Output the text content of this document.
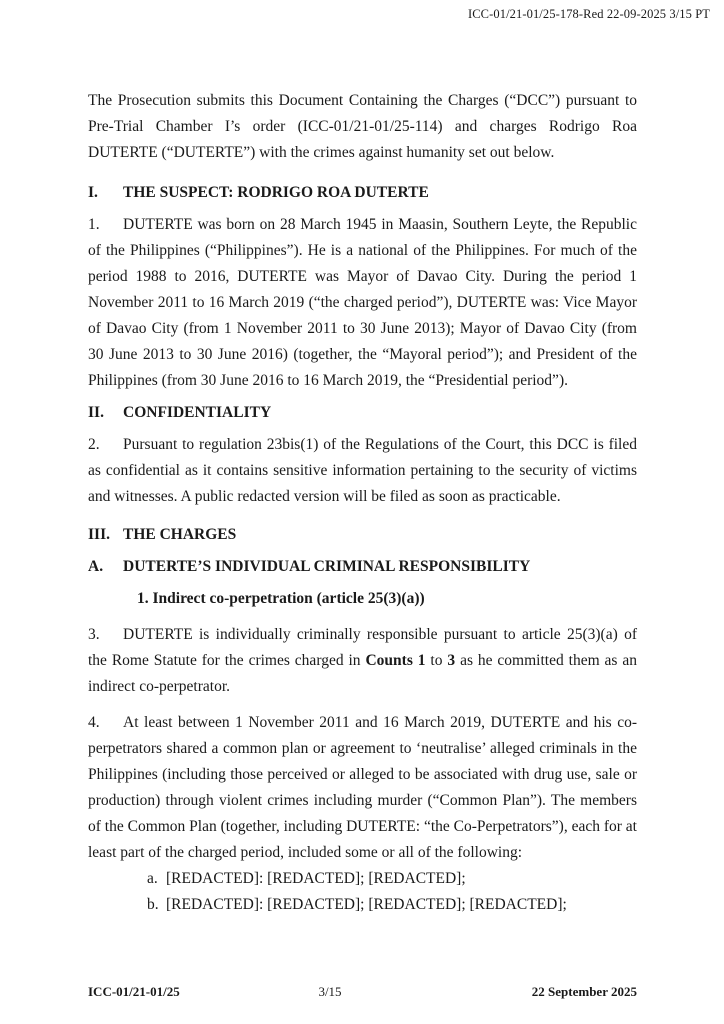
ICC-01/21-01/25-178-Red 22-09-2025 3/15 PT

The Prosecution submits this Document Containing the Charges (“DCC”) pursuant to Pre-Trial Chamber I’s order (ICC-01/21-01/25-114) and charges Rodrigo Roa DUTERTE (“DUTERTE”) with the crimes against humanity set out below.

I. THE SUSPECT: RODRIGO ROA DUTERTE

1. DUTERTE was born on 28 March 1945 in Maasin, Southern Leyte, the Republic of the Philippines (“Philippines”). He is a national of the Philippines. For much of the period 1988 to 2016, DUTERTE was Mayor of Davao City. During the period 1 November 2011 to 16 March 2019 (“the charged period”), DUTERTE was: Vice Mayor of Davao City (from 1 November 2011 to 30 June 2013); Mayor of Davao City (from 30 June 2013 to 30 June 2016) (together, the “Mayoral period”); and President of the Philippines (from 30 June 2016 to 16 March 2019, the “Presidential period”).

II. CONFIDENTIALITY

2. Pursuant to regulation 23bis(1) of the Regulations of the Court, this DCC is filed as confidential as it contains sensitive information pertaining to the security of victims and witnesses. A public redacted version will be filed as soon as practicable.

III. THE CHARGES
A. DUTERTE’S INDIVIDUAL CRIMINAL RESPONSIBILITY
1. Indirect co-perpetration (article 25(3)(a))

3. DUTERTE is individually criminally responsible pursuant to article 25(3)(a) of the Rome Statute for the crimes charged in Counts 1 to 3 as he committed them as an indirect co-perpetrator.

4. At least between 1 November 2011 and 16 March 2019, DUTERTE and his co-perpetrators shared a common plan or agreement to ‘neutralise’ alleged criminals in the Philippines (including those perceived or alleged to be associated with drug use, sale or production) through violent crimes including murder (“Common Plan”). The members of the Common Plan (together, including DUTERTE: “the Co-Perpetrators”), each for at least part of the charged period, included some or all of the following:

a. [REDACTED]: [REDACTED]; [REDACTED];

b. [REDACTED]: [REDACTED]; [REDACTED]; [REDACTED];

ICC-01/21-01/25	3/15	22 September 2025
